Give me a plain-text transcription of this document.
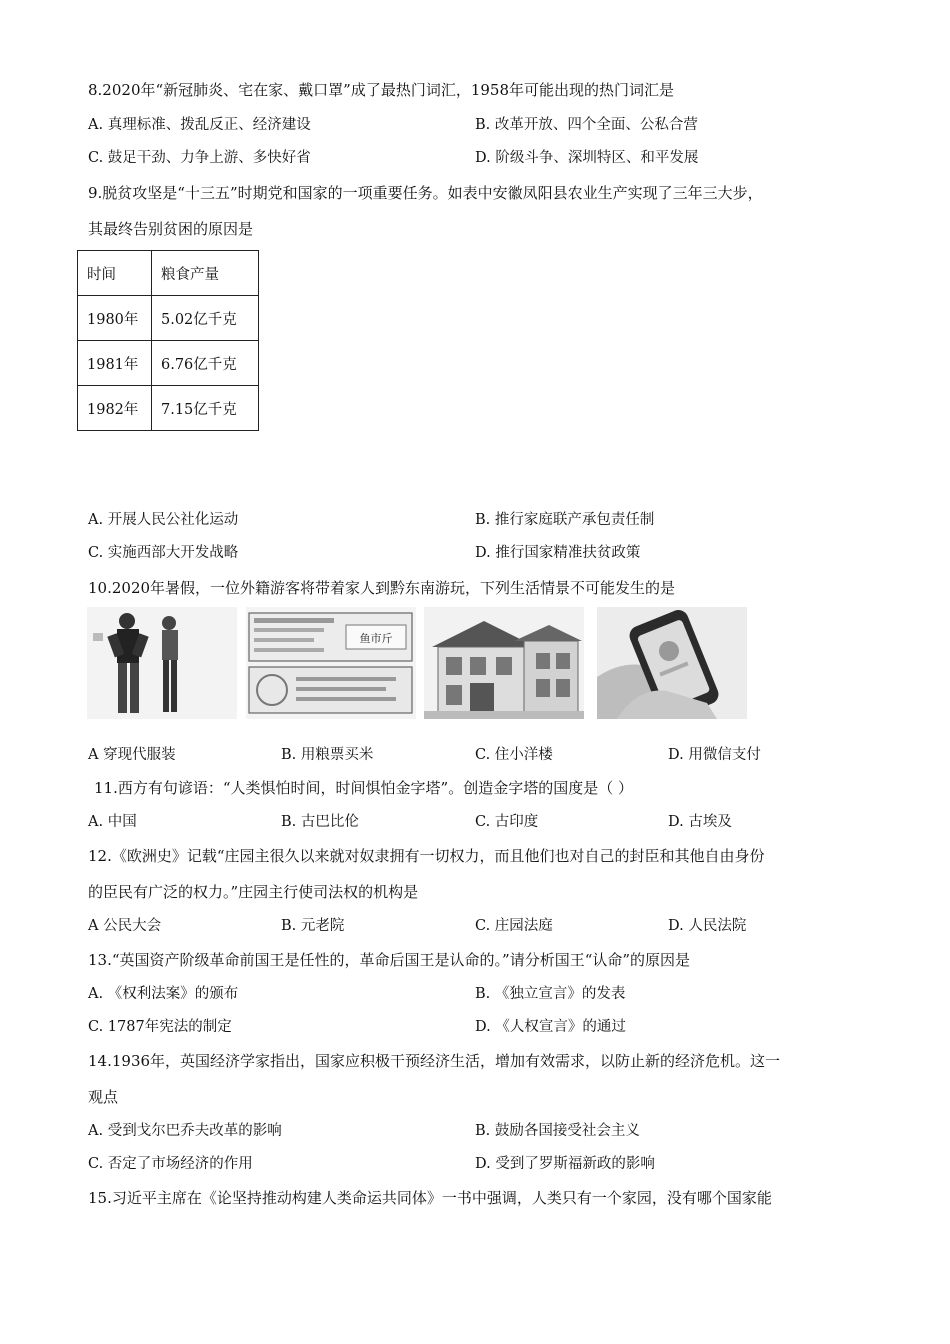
8.2020年“新冠肺炎、宅在家、戴口罩”成了最热门词汇，1958年可能出现的热门词汇是
A. 真理标准、拨乱反正、经济建设	B. 改革开放、四个全面、公私合营
C. 鼓足干劲、力争上游、多快好省	D. 阶级斗争、深圳特区、和平发展
9.脱贫攻坚是“十三五”时期党和国家的一项重要任务。如表中安徽凤阳县农业生产实现了三年三大步，
其最终告别贫困的原因是
时间	粮食产量
1980年	5.02亿千克
1981年	6.76亿千克
1982年	7.15亿千克
A. 开展人民公社化运动	B. 推行家庭联产承包责任制
C. 实施西部大开发战略	D. 推行国家精准扶贫政策
10.2020年暑假，一位外籍游客将带着家人到黔东南游玩，下列生活情景不可能发生的是
鱼市斤
A 穿现代服装	B. 用粮票买米	C. 住小洋楼	D. 用微信支付
11.西方有句谚语：“人类惧怕时间，时间惧怕金字塔”。创造金字塔的国度是（ ）
A. 中国	B. 古巴比伦	C. 古印度	D. 古埃及
12.《欧洲史》记载“庄园主很久以来就对奴隶拥有一切权力，而且他们也对自己的封臣和其他自由身份
的臣民有广泛的权力。”庄园主行使司法权的机构是
A 公民大会	B. 元老院	C. 庄园法庭	D. 人民法院
13.“英国资产阶级革命前国王是任性的，革命后国王是认命的。”请分析国王“认命”的原因是
A. 《权利法案》的颁布	B. 《独立宣言》的发表
C. 1787年宪法的制定	D. 《人权宣言》的通过
14.1936年，英国经济学家指出，国家应积极干预经济生活，增加有效需求，以防止新的经济危机。这一
观点
A. 受到戈尔巴乔夫改革的影响	B. 鼓励各国接受社会主义
C. 否定了市场经济的作用	D. 受到了罗斯福新政的影响
15.习近平主席在《论坚持推动构建人类命运共同体》一书中强调，人类只有一个家园，没有哪个国家能
